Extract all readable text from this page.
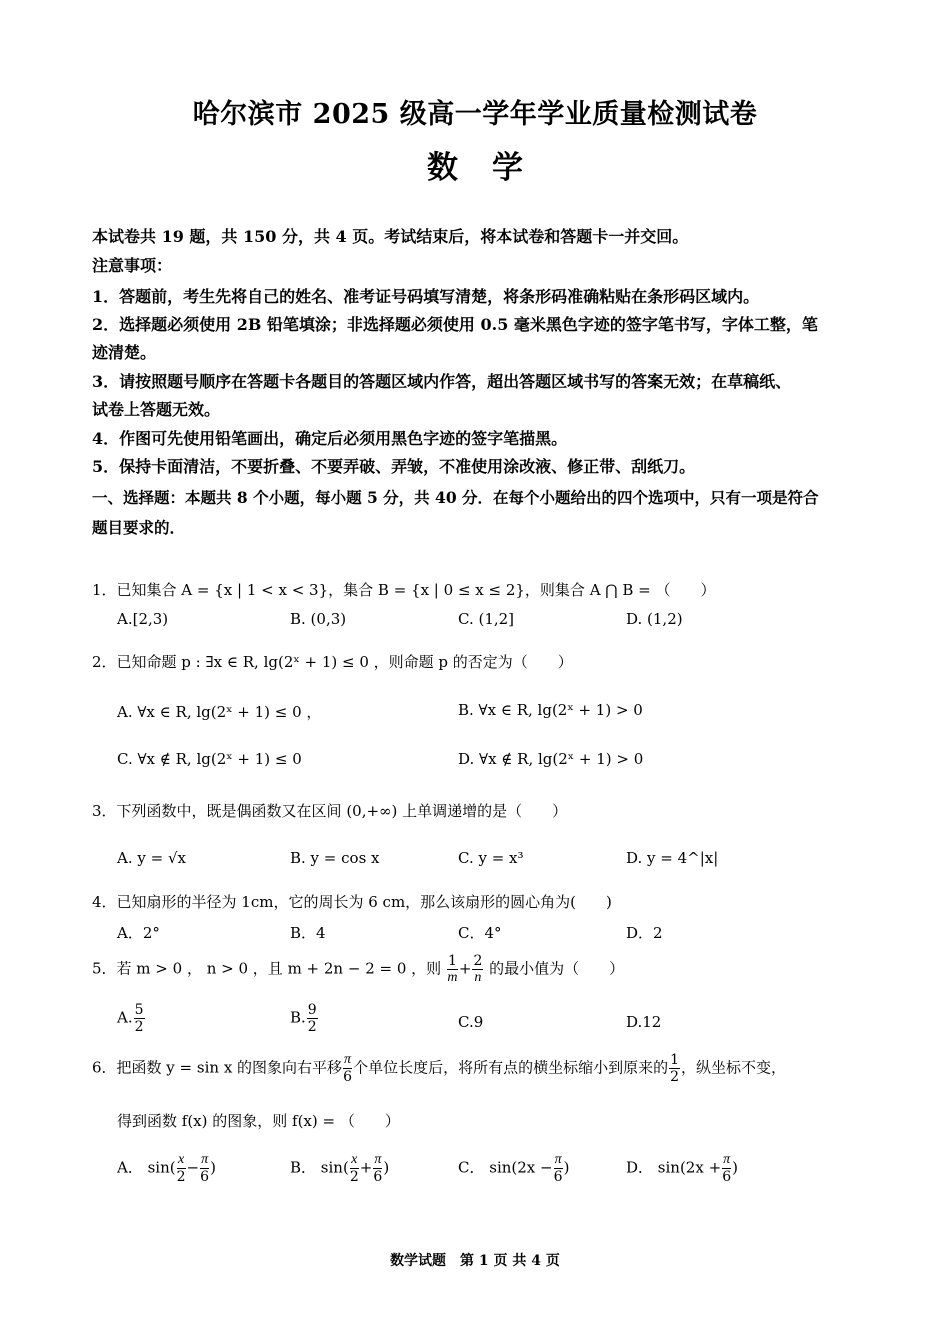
哈尔滨市 2025 级高一学年学业质量检测试卷
数学
本试卷共 19 题，共 150 分，共 4 页。考试结束后，将本试卷和答题卡一并交回。
注意事项：
1．答题前，考生先将自己的姓名、准考证号码填写清楚，将条形码准确粘贴在条形码区域内。
2．选择题必须使用 2B 铅笔填涂；非选择题必须使用 0.5 毫米黑色字迹的签字笔书写，字体工整，笔
迹清楚。
3．请按照题号顺序在答题卡各题目的答题区域内作答，超出答题区域书写的答案无效；在草稿纸、
试卷上答题无效。
4．作图可先使用铅笔画出，确定后必须用黑色字迹的签字笔描黑。
5．保持卡面清洁，不要折叠、不要弄破、弄皱，不准使用涂改液、修正带、刮纸刀。
一、选择题：本题共 8 个小题，每小题 5 分，共 40 分．在每个小题给出的四个选项中，只有一项是符合
题目要求的．
1．已知集合 A = {x | 1 < x < 3}，集合 B = {x | 0 ≤ x ≤ 2}，则集合 A ⋂ B = （　　）
A.[2,3)	B. (0,3)	C. (1,2]	D. (1,2)
2．已知命题 p : ∃x ∈ R, lg(2ˣ + 1) ≤ 0 ，则命题 p 的否定为（　　）
A. ∀x ∈ R, lg(2ˣ + 1) ≤ 0 ，	B. ∀x ∈ R, lg(2ˣ + 1) > 0
C. ∀x ∉ R, lg(2ˣ + 1) ≤ 0	D. ∀x ∉ R, lg(2ˣ + 1) > 0
3．下列函数中，既是偶函数又在区间 (0,+∞) 上单调递增的是（　　）
A. y = √x	B. y = cos x	C. y = x³	D. y = 4^|x|
4．已知扇形的半径为 1cm，它的周长为 6 cm，那么该扇形的圆心角为(　　)
A．2°	B．4	C．4°	D．2
5．若 m > 0 ， n > 0 ，且 m + 2n − 2 = 0 ，则 $\frac{1}{m} + \frac{2}{n}$ 的最小值为（　　）
A. $\frac{5}{2}$	B. $\frac{9}{2}$	C.9	D.12
6．把函数 y = sin x 的图象向右平移 $\frac{\pi}{6}$ 个单位长度后，将所有点的横坐标缩小到原来的 $\frac{1}{2}$ ，纵坐标不变，
得到函数 f(x) 的图象，则 f(x) = （　　）
A． $\sin( \frac{x}{2} - \frac{\pi}{6}$ )	B． $\sin( \frac{x}{2} + \frac{\pi}{6}$ )	C． $\sin(2x - \frac{\pi}{6}$ )	D． $\sin(2x + \frac{\pi}{6}$ )
数学试题　第 1 页 共 4 页
